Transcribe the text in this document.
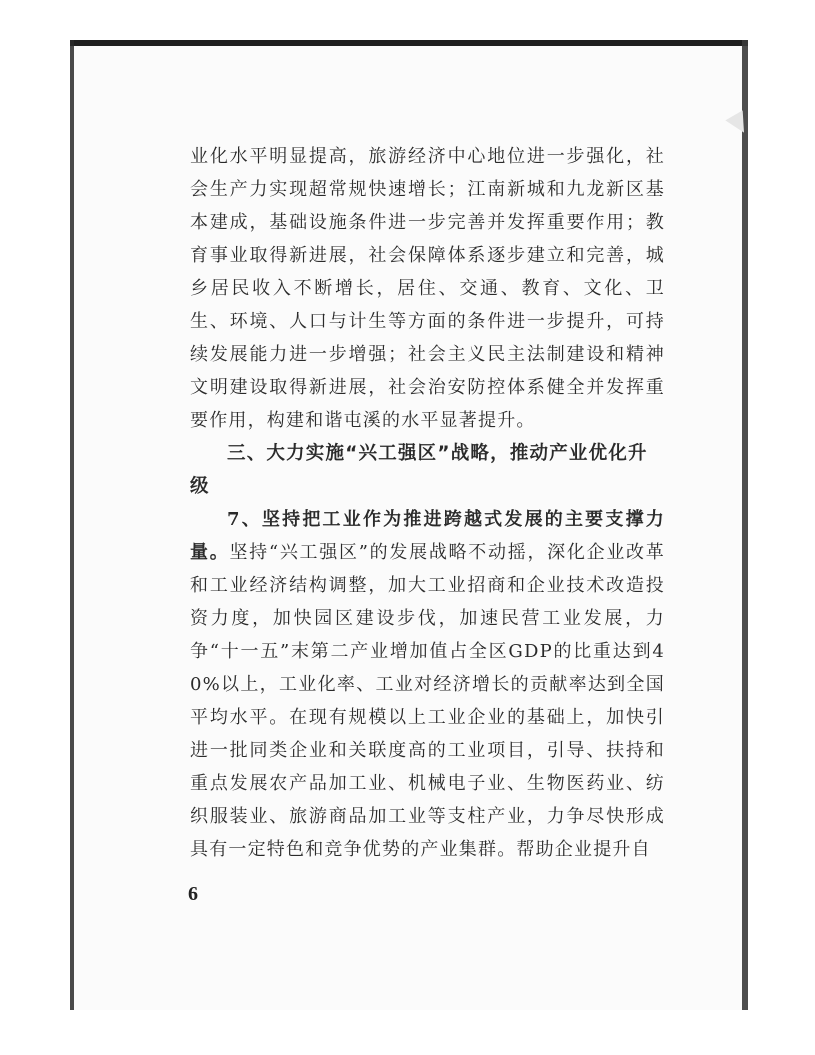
业化水平明显提高，旅游经济中心地位进一步强化，社会生产力实现超常规快速增长；江南新城和九龙新区基本建成，基础设施条件进一步完善并发挥重要作用；教育事业取得新进展，社会保障体系逐步建立和完善，城乡居民收入不断增长，居住、交通、教育、文化、卫生、环境、人口与计生等方面的条件进一步提升，可持续发展能力进一步增强；社会主义民主法制建设和精神文明建设取得新进展，社会治安防控体系健全并发挥重要作用，构建和谐屯溪的水平显著提升。

三、大力实施“兴工强区”战略，推动产业优化升级

7、坚持把工业作为推进跨越式发展的主要支撑力量。坚持“兴工强区”的发展战略不动摇，深化企业改革和工业经济结构调整，加大工业招商和企业技术改造投资力度，加快园区建设步伐，加速民营工业发展，力争“十一五”末第二产业增加值占全区GDP的比重达到40%以上，工业化率、工业对经济增长的贡献率达到全国平均水平。在现有规模以上工业企业的基础上，加快引进一批同类企业和关联度高的工业项目，引导、扶持和重点发展农产品加工业、机械电子业、生物医药业、纺织服装业、旅游商品加工业等支柱产业，力争尽快形成具有一定特色和竞争优势的产业集群。帮助企业提升自

6
